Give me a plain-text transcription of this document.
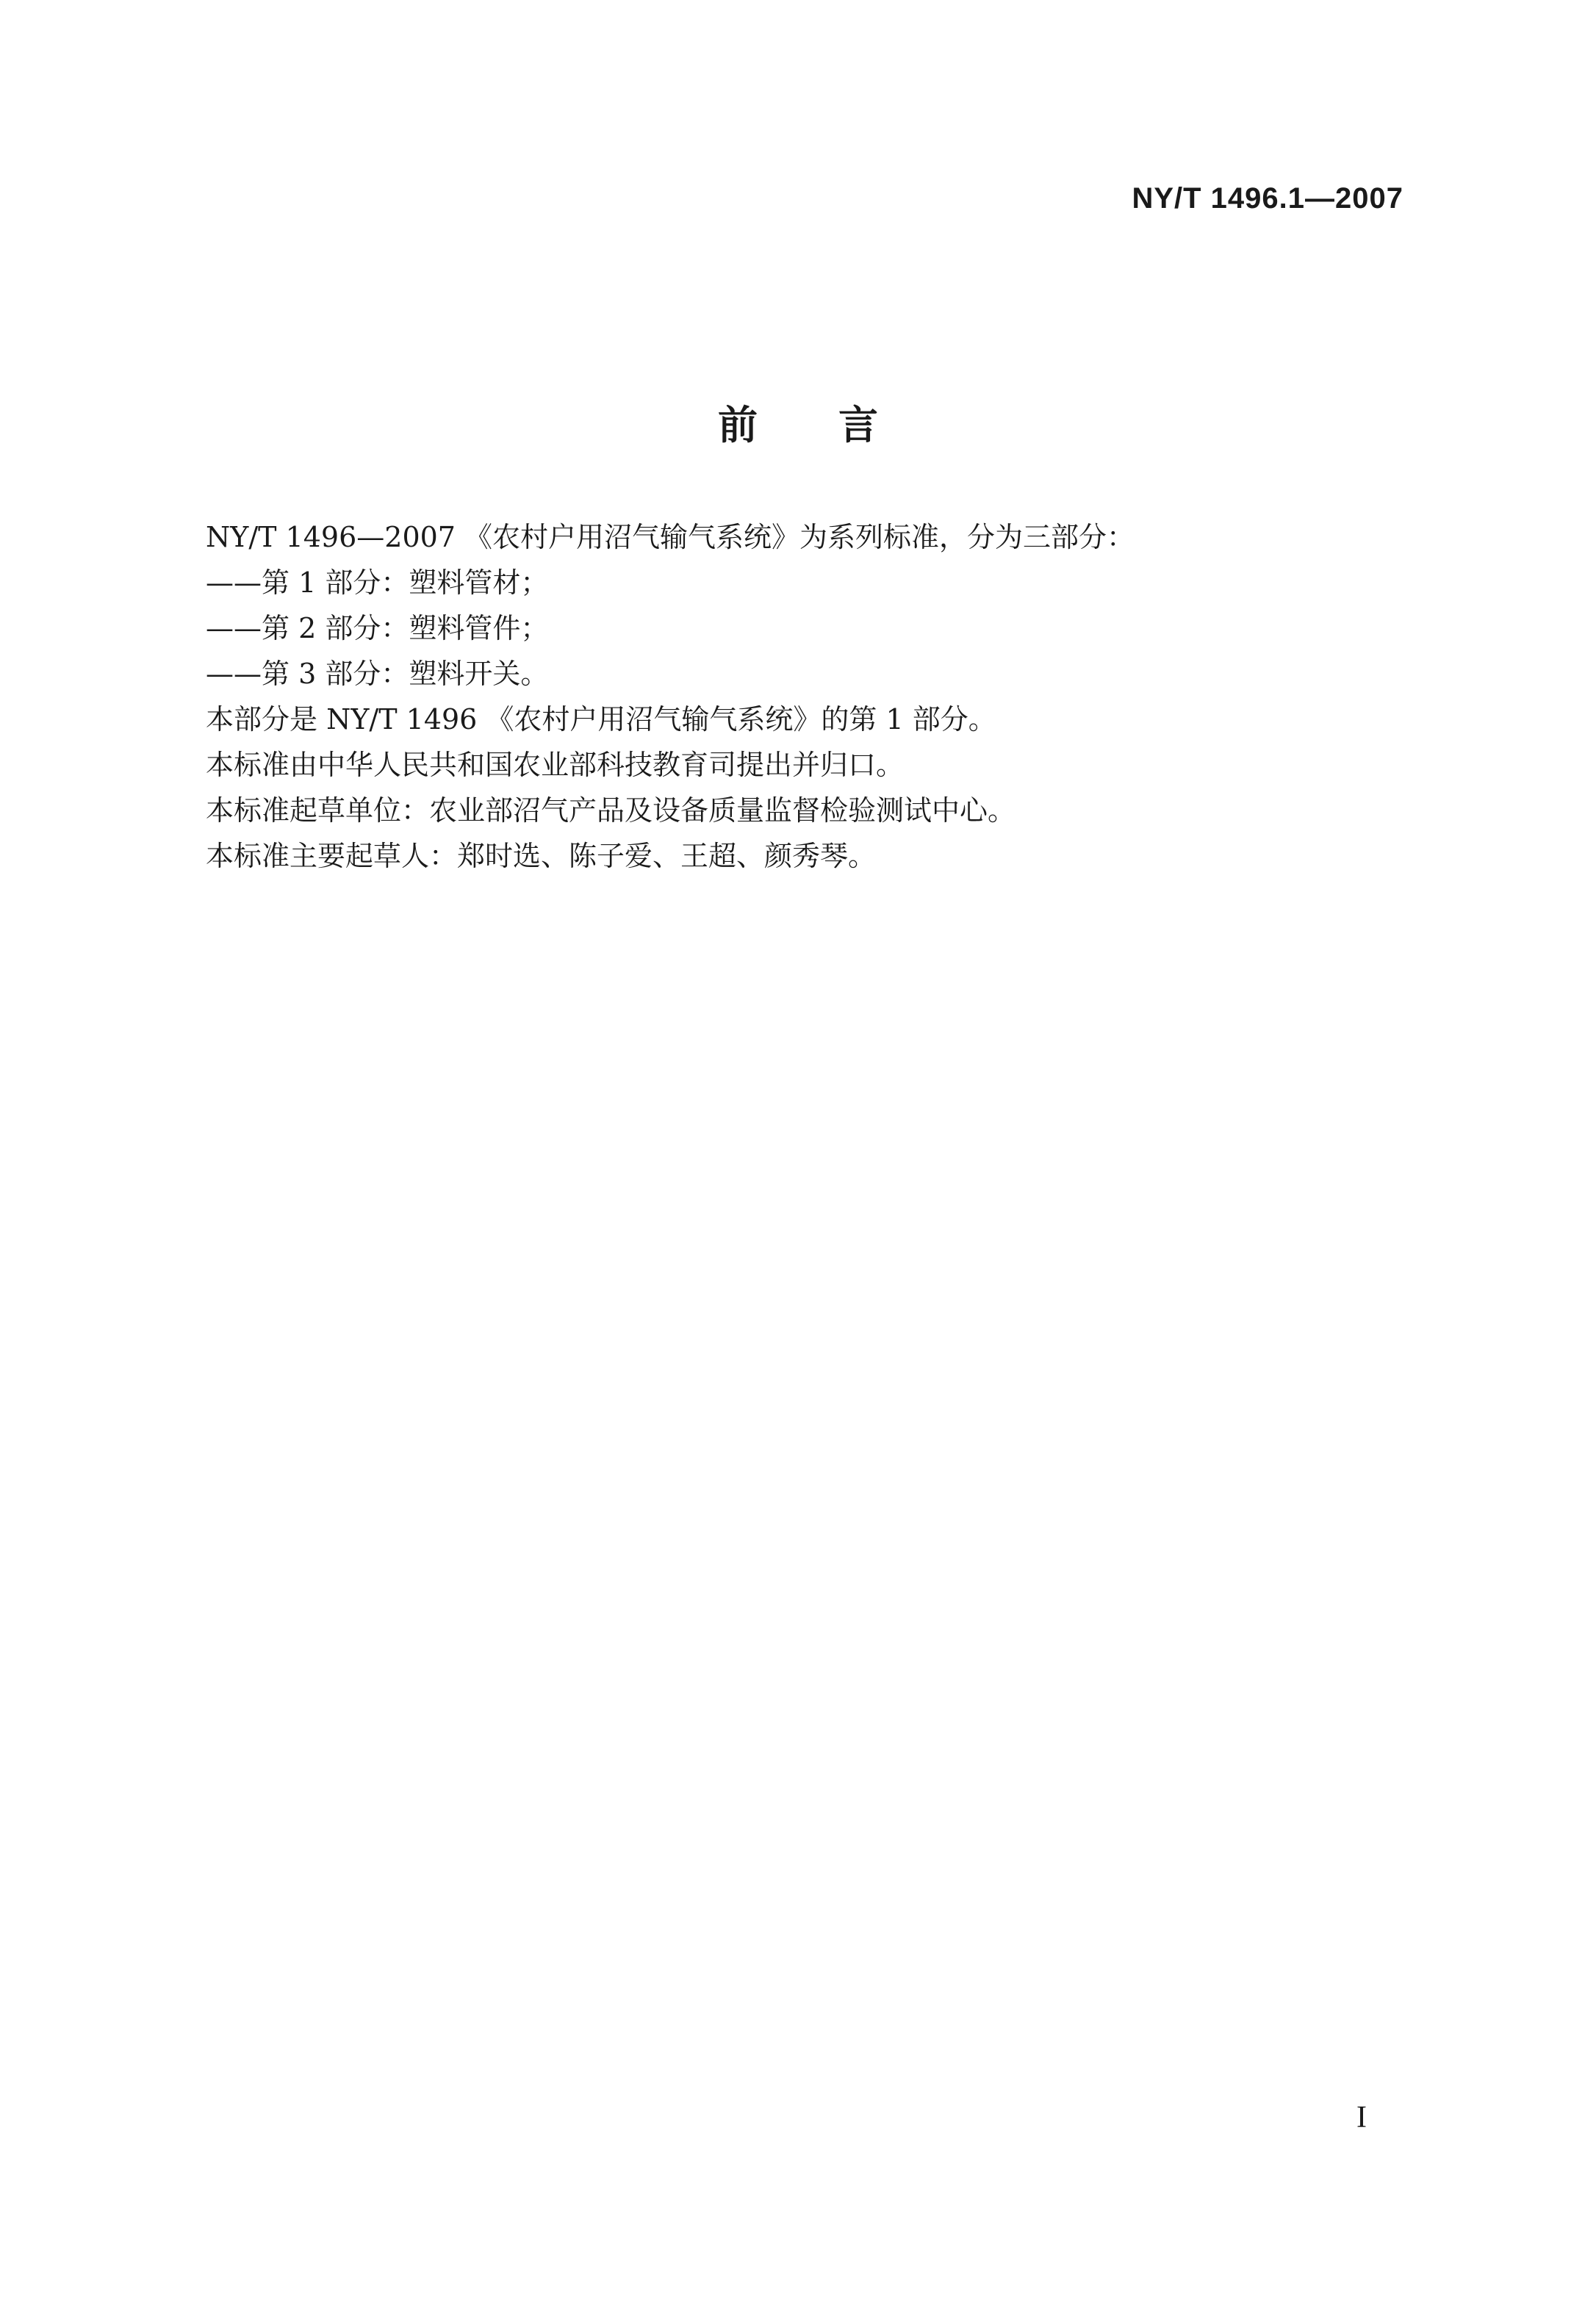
NY/T 1496.1—2007
前言
NY/T 1496—2007 《农村户用沼气输气系统》为系列标准，分为三部分：
——第 1 部分：塑料管材；
——第 2 部分：塑料管件；
——第 3 部分：塑料开关。
本部分是 NY/T 1496 《农村户用沼气输气系统》的第 1 部分。
本标准由中华人民共和国农业部科技教育司提出并归口。
本标准起草单位：农业部沼气产品及设备质量监督检验测试中心。
本标准主要起草人：郑时选、陈子爱、王超、颜秀琴。
I
